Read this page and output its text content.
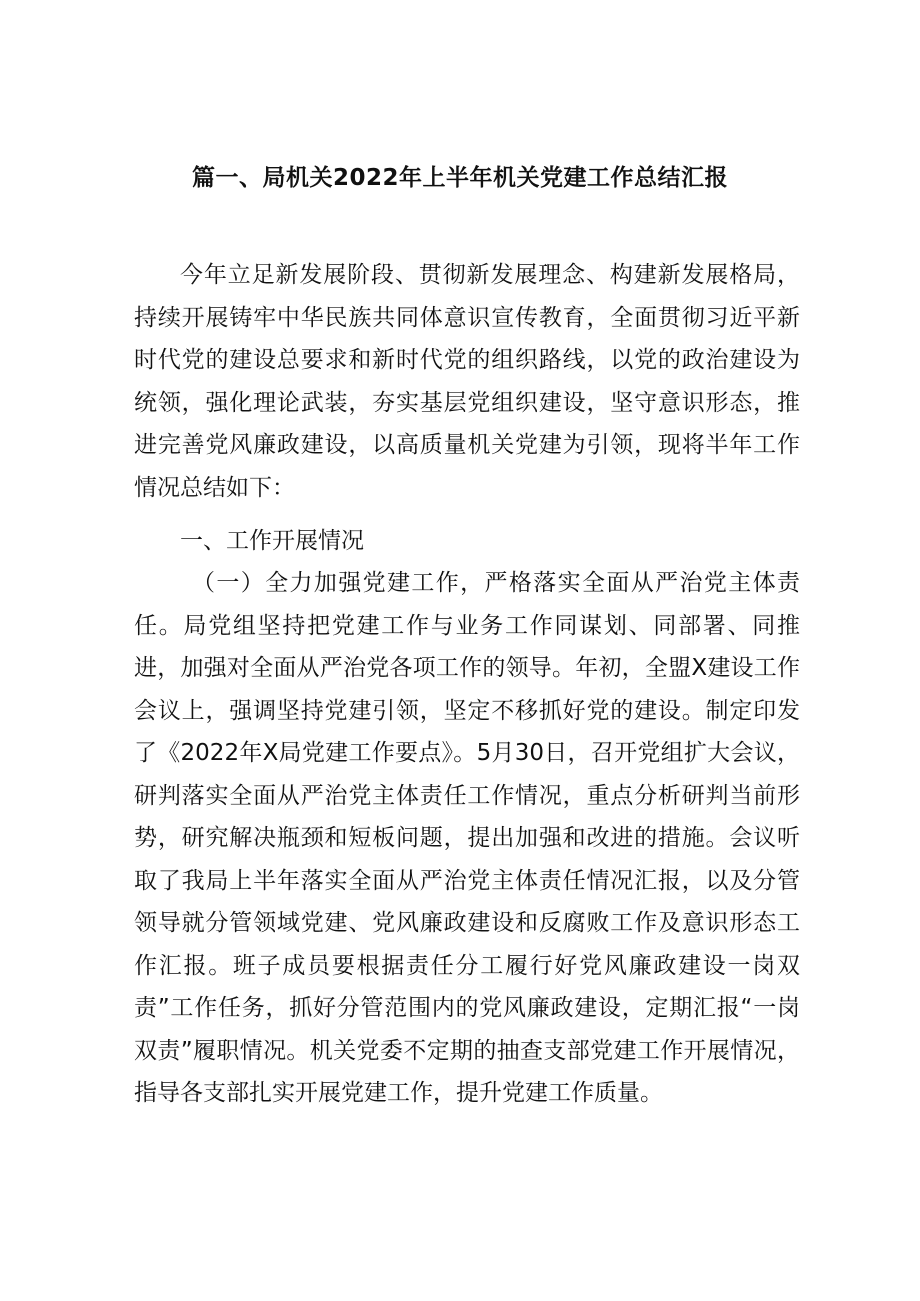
篇一、局机关2022年上半年机关党建工作总结汇报
今年立足新发展阶段、贯彻新发展理念、构建新发展格局，持续开展铸牢中华民族共同体意识宣传教育，全面贯彻习近平新时代党的建设总要求和新时代党的组织路线，以党的政治建设为统领，强化理论武装，夯实基层党组织建设，坚守意识形态，推进完善党风廉政建设，以高质量机关党建为引领，现将半年工作情况总结如下：
一、工作开展情况
（一）全力加强党建工作，严格落实全面从严治党主体责任。局党组坚持把党建工作与业务工作同谋划、同部署、同推进，加强对全面从严治党各项工作的领导。年初，全盟X建设工作会议上，强调坚持党建引领，坚定不移抓好党的建设。制定印发了《2022年X局党建工作要点》。5月30日，召开党组扩大会议，研判落实全面从严治党主体责任工作情况，重点分析研判当前形势，研究解决瓶颈和短板问题，提出加强和改进的措施。会议听取了我局上半年落实全面从严治党主体责任情况汇报，以及分管领导就分管领域党建、党风廉政建设和反腐败工作及意识形态工作汇报。班子成员要根据责任分工履行好党风廉政建设一岗双责”工作任务，抓好分管范围内的党风廉政建设，定期汇报“一岗双责”履职情况。机关党委不定期的抽查支部党建工作开展情况，指导各支部扎实开展党建工作，提升党建工作质量。
